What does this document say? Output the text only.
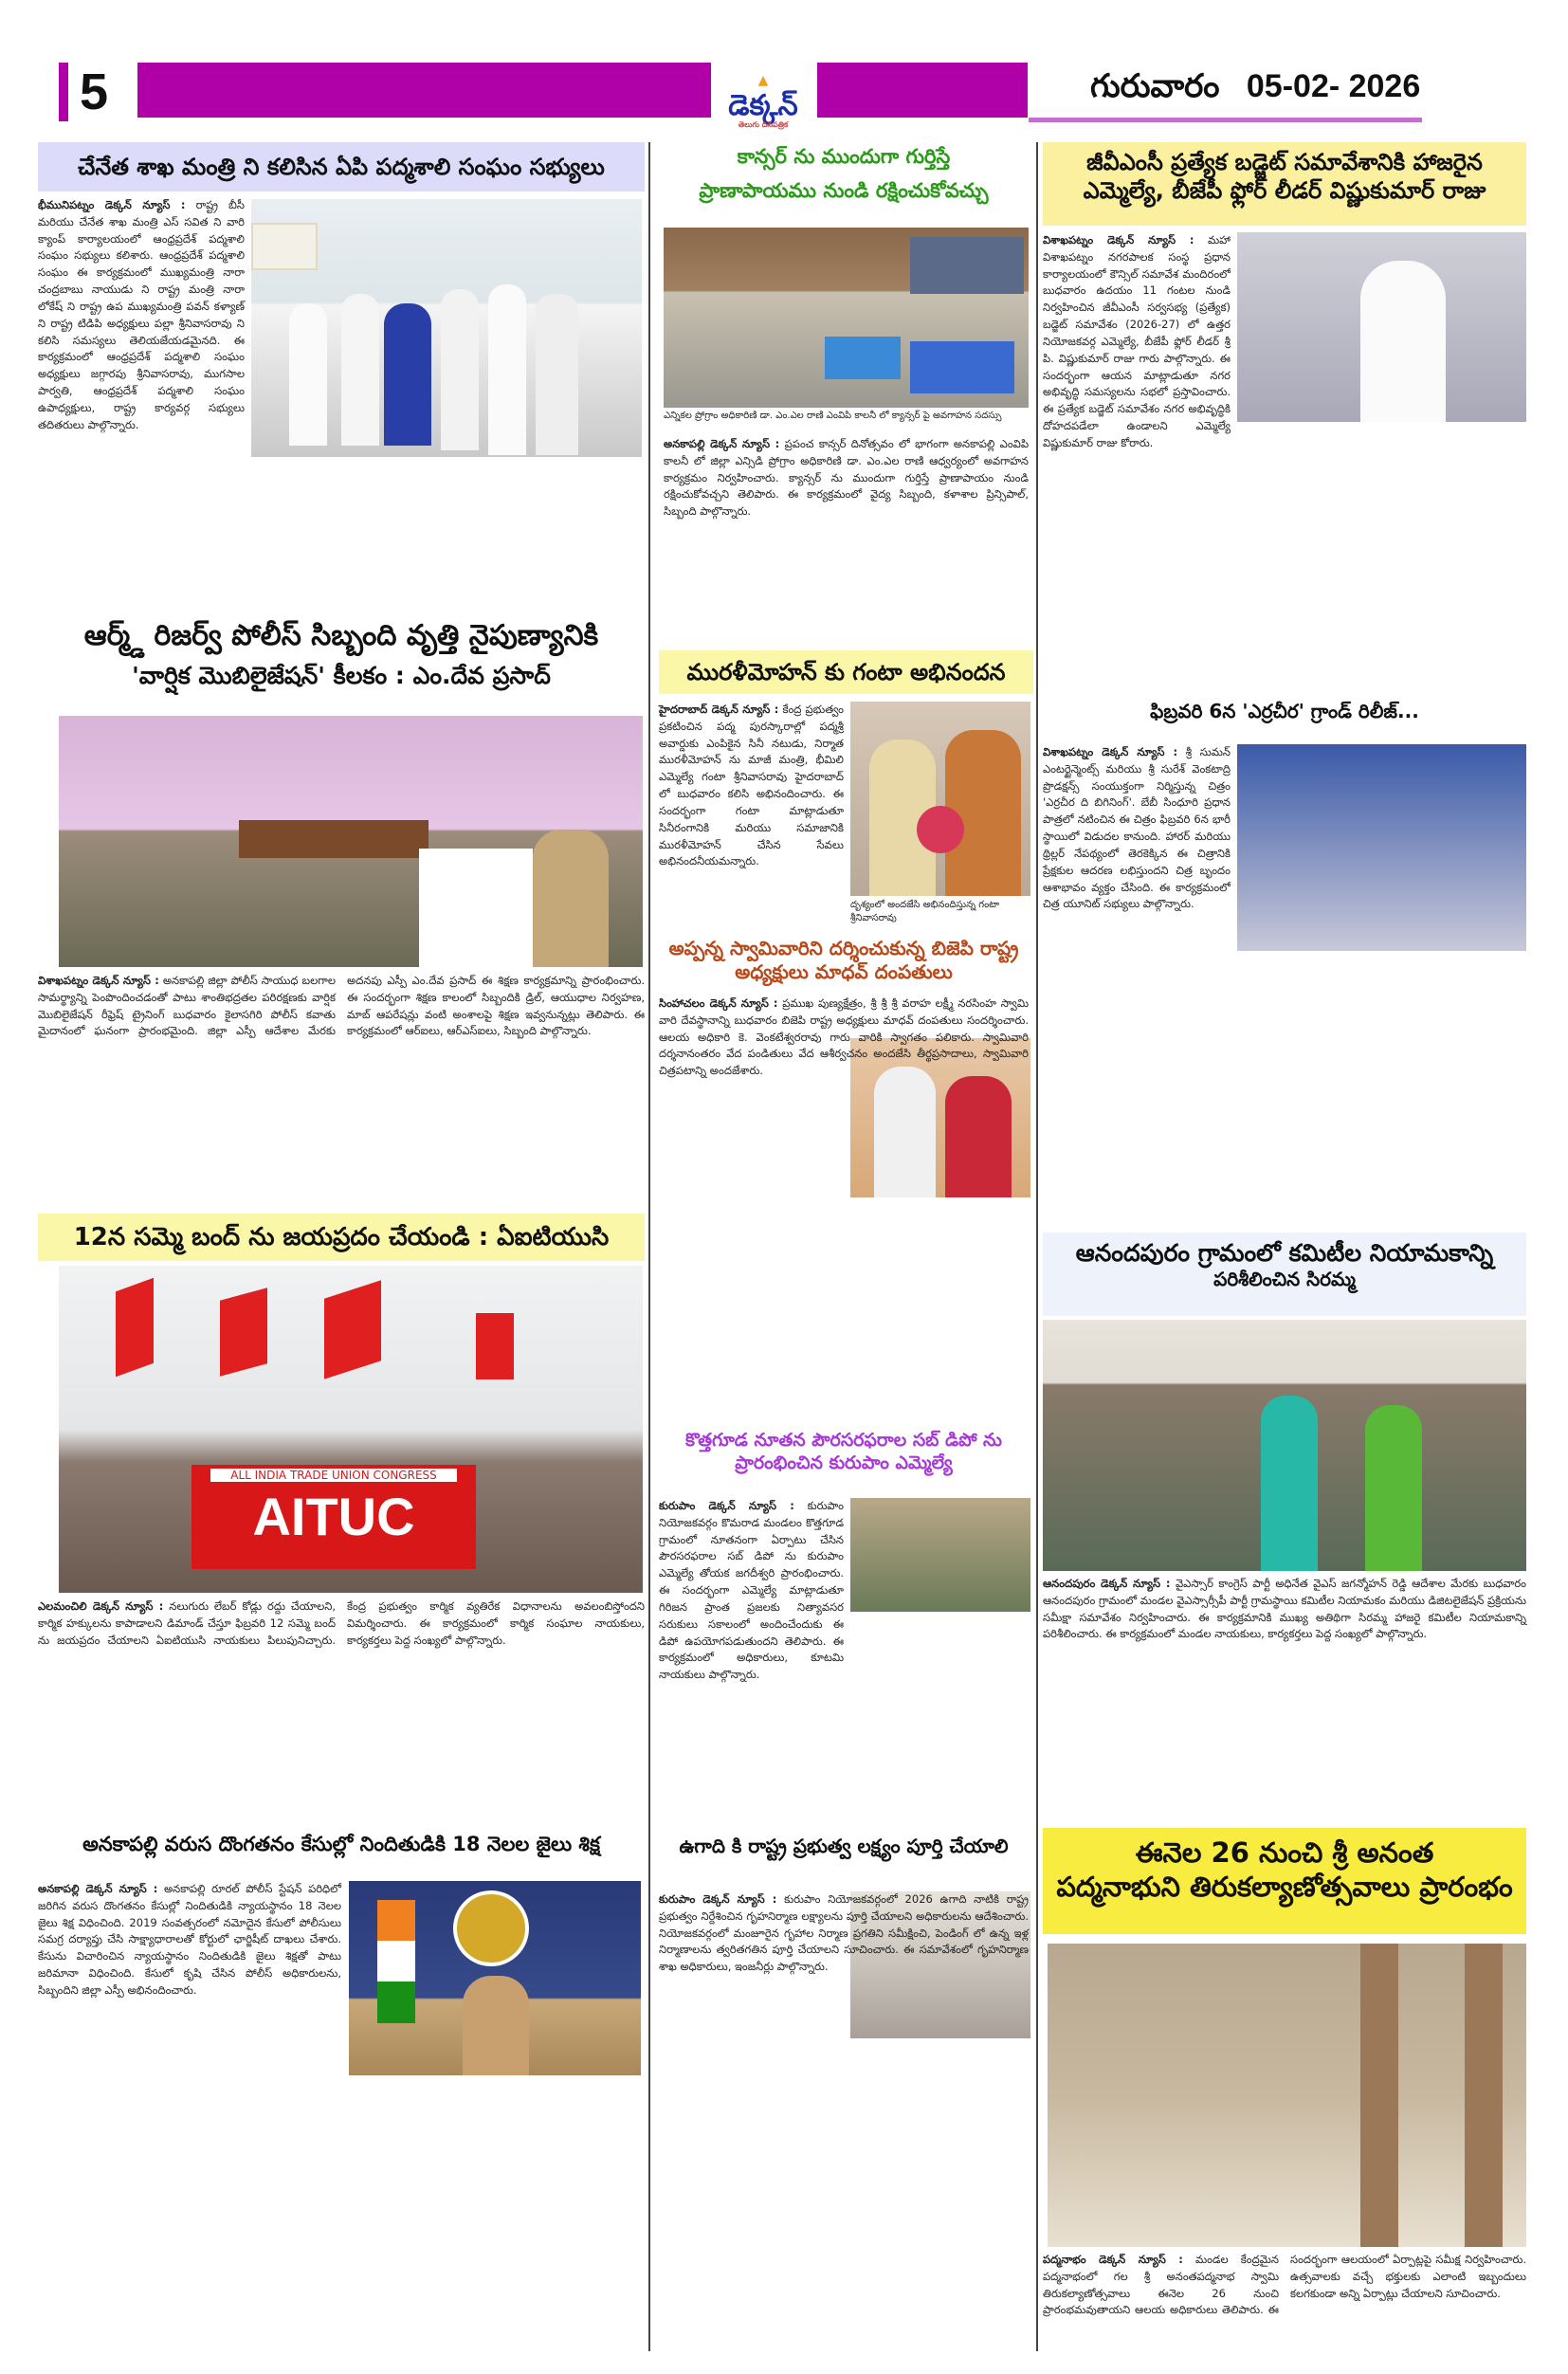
5	▲
డెక్కన్
తెలుగు దినపత్రిక
గురువారం 05-02- 2026
చేనేత శాఖ మంత్రి ని కలిసిన ఏపి పద్మశాలి సంఘం సభ్యులు
భీమునిపట్నం డెక్కన్ న్యూస్ : రాష్ట్ర బీసీ మరియు చేనేత శాఖ మంత్రి ఎస్ సవిత ని వారి క్యాంప్ కార్యాలయంలో ఆంధ్రప్రదేశ్ పద్మశాలి సంఘం సభ్యులు కలిశారు. ఆంధ్రప్రదేశ్ పద్మశాలి సంఘం ఈ కార్యక్రమంలో ముఖ్యమంత్రి నారా చంద్రబాబు నాయుడు ని రాష్ట్ర మంత్రి నారా లోకేష్ ని రాష్ట్ర ఉప ముఖ్యమంత్రి పవన్ కళ్యాణ్ ని రాష్ట్ర టిడిపి అధ్యక్షులు పల్లా శ్రీనివాసరావు ని కలిసి సమస్యలు తెలియజేయడమైనది. ఈ కార్యక్రమంలో ఆంధ్రప్రదేశ్ పద్మశాలి సంఘం అధ్యక్షులు జగ్గారపు శ్రీనివాసరావు, ముగసాల పార్వతి, ఆంధ్రప్రదేశ్ పద్మశాలి సంఘం ఉపాధ్యక్షులు, రాష్ట్ర కార్యవర్గ సభ్యులు తదితరులు పాల్గొన్నారు.
ఆర్మ్డ్ రిజర్వ్ పోలీస్ సిబ్బంది వృత్తి నైపుణ్యానికి
'వార్షిక మొబిలైజేషన్' కీలకం : ఎం.దేవ ప్రసాద్
విశాఖపట్నం డెక్కన్ న్యూస్ : అనకాపల్లి జిల్లా పోలీస్ సాయుధ బలగాల సామర్థ్యాన్ని పెంపొందించడంతో పాటు శాంతిభద్రతల పరిరక్షణకు వార్షిక మొబిలైజేషన్ రీఫ్రెష్ ట్రైనింగ్ బుధవారం కైలాసగిరి పోలీస్ కవాతు మైదానంలో ఘనంగా ప్రారంభమైంది. జిల్లా ఎస్పీ ఆదేశాల మేరకు అదనపు ఎస్పీ ఎం.దేవ ప్రసాద్ ఈ శిక్షణ కార్యక్రమాన్ని ప్రారంభించారు. ఈ సందర్భంగా శిక్షణ కాలంలో సిబ్బందికి డ్రిల్, ఆయుధాల నిర్వహణ, మాబ్ ఆపరేషన్లు వంటి అంశాలపై శిక్షణ ఇవ్వనున్నట్లు తెలిపారు. ఈ కార్యక్రమంలో ఆర్ఐలు, ఆర్ఎస్ఐలు, సిబ్బంది పాల్గొన్నారు.
12న సమ్మె బంద్ ను జయప్రదం చేయండి : ఏఐటియుసి
ALL INDIA TRADE UNION CONGRESS
AITUC
ఎలమంచిలి డెక్కన్ న్యూస్ : నలుగురు లేబర్ కోడ్లు రద్దు చేయాలని, కార్మిక హక్కులను కాపాడాలని డిమాండ్ చేస్తూ ఫిబ్రవరి 12 సమ్మె బంద్ ను జయప్రదం చేయాలని ఏఐటియుసి నాయకులు పిలుపునిచ్చారు. కేంద్ర ప్రభుత్వం కార్మిక వ్యతిరేక విధానాలను అవలంబిస్తోందని విమర్శించారు. ఈ కార్యక్రమంలో కార్మిక సంఘాల నాయకులు, కార్యకర్తలు పెద్ద సంఖ్యలో పాల్గొన్నారు.
అనకాపల్లి వరుస దొంగతనం కేసుల్లో నిందితుడికి 18 నెలల జైలు శిక్ష
అనకాపల్లి డెక్కన్ న్యూస్ : అనకాపల్లి రూరల్ పోలీస్ స్టేషన్ పరిధిలో జరిగిన వరుస దొంగతనం కేసుల్లో నిందితుడికి న్యాయస్థానం 18 నెలల జైలు శిక్ష విధించింది. 2019 సంవత్సరంలో నమోదైన కేసులో పోలీసులు సమగ్ర దర్యాప్తు చేసి సాక్ష్యాధారాలతో కోర్టులో ఛార్జిషీట్ దాఖలు చేశారు. కేసును విచారించిన న్యాయస్థానం నిందితుడికి జైలు శిక్షతో పాటు జరిమానా విధించింది. కేసులో కృషి చేసిన పోలీస్ అధికారులను, సిబ్బందిని జిల్లా ఎస్పీ అభినందించారు.
కాన్సర్ ను ముందుగా గుర్తిస్తే
ప్రాణాపాయము నుండి రక్షించుకోవచ్చు
ఎన్నికల ప్రోగ్రాం అధికారిణి డా. ఎం.ఎల రాణి ఎంవిపి కాలనీ లో క్యాన్సర్ పై అవగాహన సదస్సు
అనకాపల్లి డెక్కన్ న్యూస్ : ప్రపంచ కాన్సర్ దినోత్సవం లో భాగంగా అనకాపల్లి ఎంవిపి కాలనీ లో జిల్లా ఎన్సిడి ప్రోగ్రాం అధికారిణి డా. ఎం.ఎల రాణి ఆధ్వర్యంలో అవగాహన కార్యక్రమం నిర్వహించారు. క్యాన్సర్ ను ముందుగా గుర్తిస్తే ప్రాణాపాయం నుండి రక్షించుకోవచ్చని తెలిపారు. ఈ కార్యక్రమంలో వైద్య సిబ్బంది, కళాశాల ప్రిన్సిపాల్, సిబ్బంది పాల్గొన్నారు.
మురళీమోహన్ కు గంటా అభినందన
దృశ్యంలో అందజేసి అభినందిస్తున్న గంటా శ్రీనివాసరావు
హైదరాబాద్ డెక్కన్ న్యూస్ : కేంద్ర ప్రభుత్వం ప్రకటించిన పద్మ పురస్కారాల్లో పద్మశ్రీ అవార్డుకు ఎంపికైన సినీ నటుడు, నిర్మాత మురళీమోహన్ ను మాజీ మంత్రి, భీమిలి ఎమ్మెల్యే గంటా శ్రీనివాసరావు హైదరాబాద్ లో బుధవారం కలిసి అభినందించారు. ఈ సందర్భంగా గంటా మాట్లాడుతూ సినీరంగానికి మరియు సమాజానికి మురళీమోహన్ చేసిన సేవలు అభినందనీయమన్నారు.
అప్పన్న స్వామివారిని దర్శించుకున్న బిజెపి రాష్ట్ర అధ్యక్షులు మాధవ్ దంపతులు
సింహాచలం డెక్కన్ న్యూస్ : ప్రముఖ పుణ్యక్షేత్రం, శ్రీ శ్రీ శ్రీ వరాహ లక్ష్మీ నరసింహ స్వామి వారి దేవస్థానాన్ని బుధవారం బిజెపి రాష్ట్ర అధ్యక్షులు మాధవ్ దంపతులు సందర్శించారు. ఆలయ అధికారి కె. వెంకటేశ్వరరావు గారు వారికి స్వాగతం పలికారు. స్వామివారి దర్శనానంతరం వేద పండితులు వేద ఆశీర్వచనం అందజేసి తీర్థప్రసాదాలు, స్వామివారి చిత్రపటాన్ని అందజేశారు.
కొత్తగూడ నూతన పౌరసరఫరాల సబ్ డిపో ను ప్రారంభించిన కురుపాం ఎమ్మెల్యే
కురుపాం డెక్కన్ న్యూస్ : కురుపాం నియోజకవర్గం కొమరాడ మండలం కొత్తగూడ గ్రామంలో నూతనంగా ఏర్పాటు చేసిన పౌరసరఫరాల సబ్ డిపో ను కురుపాం ఎమ్మెల్యే తోయక జగదీశ్వరి ప్రారంభించారు. ఈ సందర్భంగా ఎమ్మెల్యే మాట్లాడుతూ గిరిజన ప్రాంత ప్రజలకు నిత్యావసర సరుకులు సకాలంలో అందించేందుకు ఈ డిపో ఉపయోగపడుతుందని తెలిపారు. ఈ కార్యక్రమంలో అధికారులు, కూటమి నాయకులు పాల్గొన్నారు.
ఉగాది కి రాష్ట్ర ప్రభుత్వ లక్ష్యం పూర్తి చేయాలి
కురుపాం డెక్కన్ న్యూస్ : కురుపాం నియోజకవర్గంలో 2026 ఉగాది నాటికి రాష్ట్ర ప్రభుత్వం నిర్దేశించిన గృహనిర్మాణ లక్ష్యాలను పూర్తి చేయాలని అధికారులను ఆదేశించారు. నియోజకవర్గంలో మంజూరైన గృహాల నిర్మాణ ప్రగతిని సమీక్షించి, పెండింగ్ లో ఉన్న ఇళ్ల నిర్మాణాలను త్వరితగతిన పూర్తి చేయాలని సూచించారు. ఈ సమావేశంలో గృహనిర్మాణ శాఖ అధికారులు, ఇంజనీర్లు పాల్గొన్నారు.
జీవీఎంసీ ప్రత్యేక బడ్జెట్ సమావేశానికి హాజరైన
ఎమ్మెల్యే, బీజేపీ ఫ్లోర్ లీడర్ విష్ణుకుమార్ రాజు
విశాఖపట్నం డెక్కన్ న్యూస్ : మహా విశాఖపట్నం నగరపాలక సంస్థ ప్రధాన కార్యాలయంలో కౌన్సిల్ సమావేశ మందిరంలో బుధవారం ఉదయం 11 గంటల నుండి నిర్వహించిన జీవీఎంసీ సర్వసభ్య (ప్రత్యేక) బడ్జెట్ సమావేశం (2026-27) లో ఉత్తర నియోజకవర్గ ఎమ్మెల్యే, బీజేపీ ఫ్లోర్ లీడర్ శ్రీ పి. విష్ణుకుమార్ రాజు గారు పాల్గొన్నారు. ఈ సందర్భంగా ఆయన మాట్లాడుతూ నగర అభివృద్ధి సమస్యలను సభలో ప్రస్తావించారు. ఈ ప్రత్యేక బడ్జెట్ సమావేశం నగర అభివృద్ధికి దోహదపడేలా ఉండాలని ఎమ్మెల్యే విష్ణుకుమార్ రాజు కోరారు.
ఫిబ్రవరి 6న 'ఎర్రచీర' గ్రాండ్ రిలీజ్...
విశాఖపట్నం డెక్కన్ న్యూస్ : శ్రీ సుమన్ ఎంటర్టైన్మెంట్స్ మరియు శ్రీ సురేశ్ వెంకటాద్రి ప్రొడక్షన్స్ సంయుక్తంగా నిర్మిస్తున్న చిత్రం 'ఎర్రచీర ది బిగినింగ్'. బేబీ సింధూరి ప్రధాన పాత్రలో నటించిన ఈ చిత్రం ఫిబ్రవరి 6న భారీ స్థాయిలో విడుదల కానుంది. హారర్ మరియు థ్రిల్లర్ నేపథ్యంలో తెరకెక్కిన ఈ చిత్రానికి ప్రేక్షకుల ఆదరణ లభిస్తుందని చిత్ర బృందం ఆశాభావం వ్యక్తం చేసింది. ఈ కార్యక్రమంలో చిత్ర యూనిట్ సభ్యులు పాల్గొన్నారు.
ఆనందపురం గ్రామంలో కమిటీల నియామకాన్ని
పరిశీలించిన సిరమ్మ
ఆనందపురం డెక్కన్ న్యూస్ : వైఎస్సార్ కాంగ్రెస్ పార్టీ అధినేత వైఎస్ జగన్మోహన్ రెడ్డి ఆదేశాల మేరకు బుధవారం ఆనందపురం గ్రామంలో మండల వైఎస్సార్సీపీ పార్టీ గ్రామస్థాయి కమిటీల నియామకం మరియు డిజిటలైజేషన్ ప్రక్రియను సమీక్షా సమావేశం నిర్వహించారు. ఈ కార్యక్రమానికి ముఖ్య అతిథిగా సిరమ్మ హాజరై కమిటీల నియామకాన్ని పరిశీలించారు. ఈ కార్యక్రమంలో మండల నాయకులు, కార్యకర్తలు పెద్ద సంఖ్యలో పాల్గొన్నారు.
ఈనెల 26 నుంచి శ్రీ అనంత
పద్మనాభుని తిరుకల్యాణోత్సవాలు ప్రారంభం
పద్మనాభం డెక్కన్ న్యూస్ : మండల కేంద్రమైన పద్మనాభంలో గల శ్రీ అనంతపద్మనాభ స్వామి తిరుకల్యాణోత్సవాలు ఈనెల 26 నుంచి ప్రారంభమవుతాయని ఆలయ అధికారులు తెలిపారు. ఈ సందర్భంగా ఆలయంలో ఏర్పాట్లపై సమీక్ష నిర్వహించారు. ఉత్సవాలకు వచ్చే భక్తులకు ఎలాంటి ఇబ్బందులు కలగకుండా అన్ని ఏర్పాట్లు చేయాలని సూచించారు.
